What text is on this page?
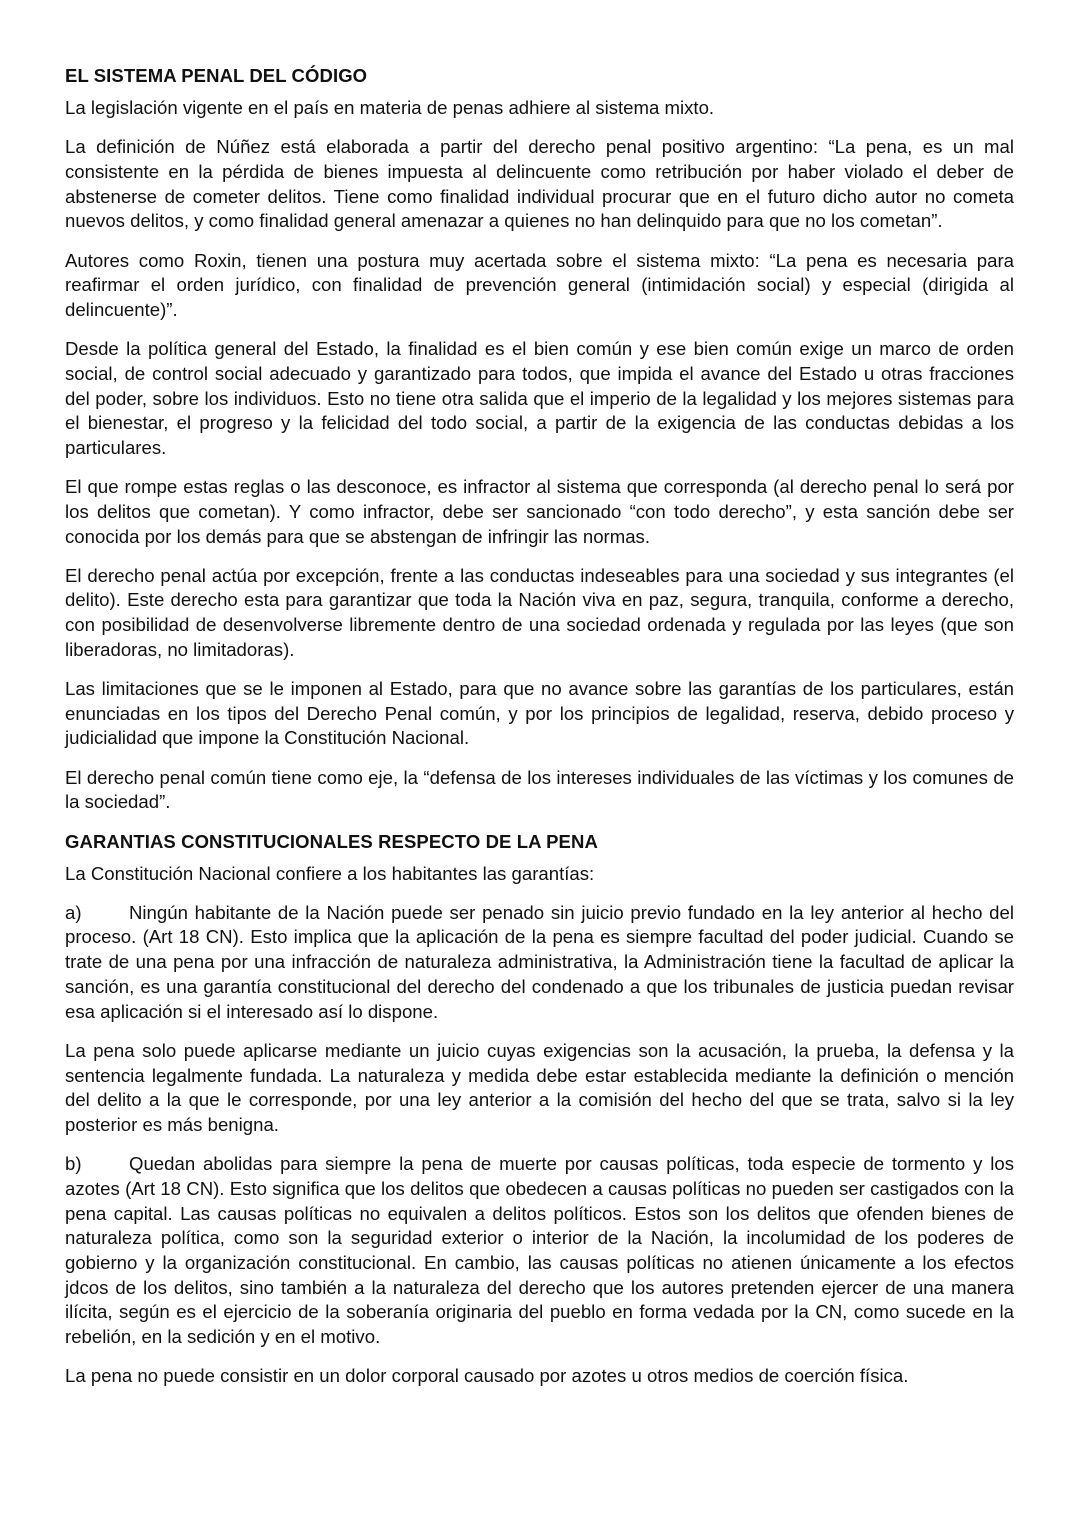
EL SISTEMA PENAL DEL CÓDIGO

La legislación vigente en el país en materia de penas adhiere al sistema mixto.

La definición de Núñez está elaborada a partir del derecho penal positivo argentino: “La pena, es un mal consistente en la pérdida de bienes impuesta al delincuente como retribución por haber violado el deber de abstenerse de cometer delitos. Tiene como finalidad individual procurar que en el futuro dicho autor no cometa nuevos delitos, y como finalidad general amenazar a quienes no han delinquido para que no los cometan”.

Autores como Roxin, tienen una postura muy acertada sobre el sistema mixto: “La pena es necesaria para reafirmar el orden jurídico, con finalidad de prevención general (intimidación social) y especial (dirigida al delincuente)”.

Desde la política general del Estado, la finalidad es el bien común y ese bien común exige un marco de orden social, de control social adecuado y garantizado para todos, que impida el avance del Estado u otras fracciones del poder, sobre los individuos. Esto no tiene otra salida que el imperio de la legalidad y los mejores sistemas para el bienestar, el progreso y la felicidad del todo social, a partir de la exigencia de las conductas debidas a los particulares.

El que rompe estas reglas o las desconoce, es infractor al sistema que corresponda (al derecho penal lo será por los delitos que cometan). Y como infractor, debe ser sancionado “con todo derecho”, y esta sanción debe ser conocida por los demás para que se abstengan de infringir las normas.

El derecho penal actúa por excepción, frente a las conductas indeseables para una sociedad y sus integrantes (el delito). Este derecho esta para garantizar que toda la Nación viva en paz, segura, tranquila, conforme a derecho, con posibilidad de desenvolverse libremente dentro de una sociedad ordenada y regulada por las leyes (que son liberadoras, no limitadoras).

Las limitaciones que se le imponen al Estado, para que no avance sobre las garantías de los particulares, están enunciadas en los tipos del Derecho Penal común, y por los principios de legalidad, reserva, debido proceso y judicialidad que impone la Constitución Nacional.

El derecho penal común tiene como eje, la “defensa de los intereses individuales de las víctimas y los comunes de la sociedad”.

GARANTIAS CONSTITUCIONALES RESPECTO DE LA PENA

La Constitución Nacional confiere a los habitantes las garantías:

a)	Ningún habitante de la Nación puede ser penado sin juicio previo fundado en la ley anterior al hecho del proceso. (Art 18 CN). Esto implica que la aplicación de la pena es siempre facultad del poder judicial. Cuando se trate de una pena por una infracción de naturaleza administrativa, la Administración tiene la facultad de aplicar la sanción, es una garantía constitucional del derecho del condenado a que los tribunales de justicia puedan revisar esa aplicación si el interesado así lo dispone.

La pena solo puede aplicarse mediante un juicio cuyas exigencias son la acusación, la prueba, la defensa y la sentencia legalmente fundada. La naturaleza y medida debe estar establecida mediante la definición o mención del delito a la que le corresponde, por una ley anterior a la comisión del hecho del que se trata, salvo si la ley posterior es más benigna.

b)	Quedan abolidas para siempre la pena de muerte por causas políticas, toda especie de tormento y los azotes (Art 18 CN). Esto significa que los delitos que obedecen a causas políticas no pueden ser castigados con la pena capital. Las causas políticas no equivalen a delitos políticos. Estos son los delitos que ofenden bienes de naturaleza política, como son la seguridad exterior o interior de la Nación, la incolumidad de los poderes de gobierno y la organización constitucional. En cambio, las causas políticas no atienen únicamente a los efectos jdcos de los delitos, sino también a la naturaleza del derecho que los autores pretenden ejercer de una manera ilícita, según es el ejercicio de la soberanía originaria del pueblo en forma vedada por la CN, como sucede en la rebelión, en la sedición y en el motivo.

La pena no puede consistir en un dolor corporal causado por azotes u otros medios de coerción física.
